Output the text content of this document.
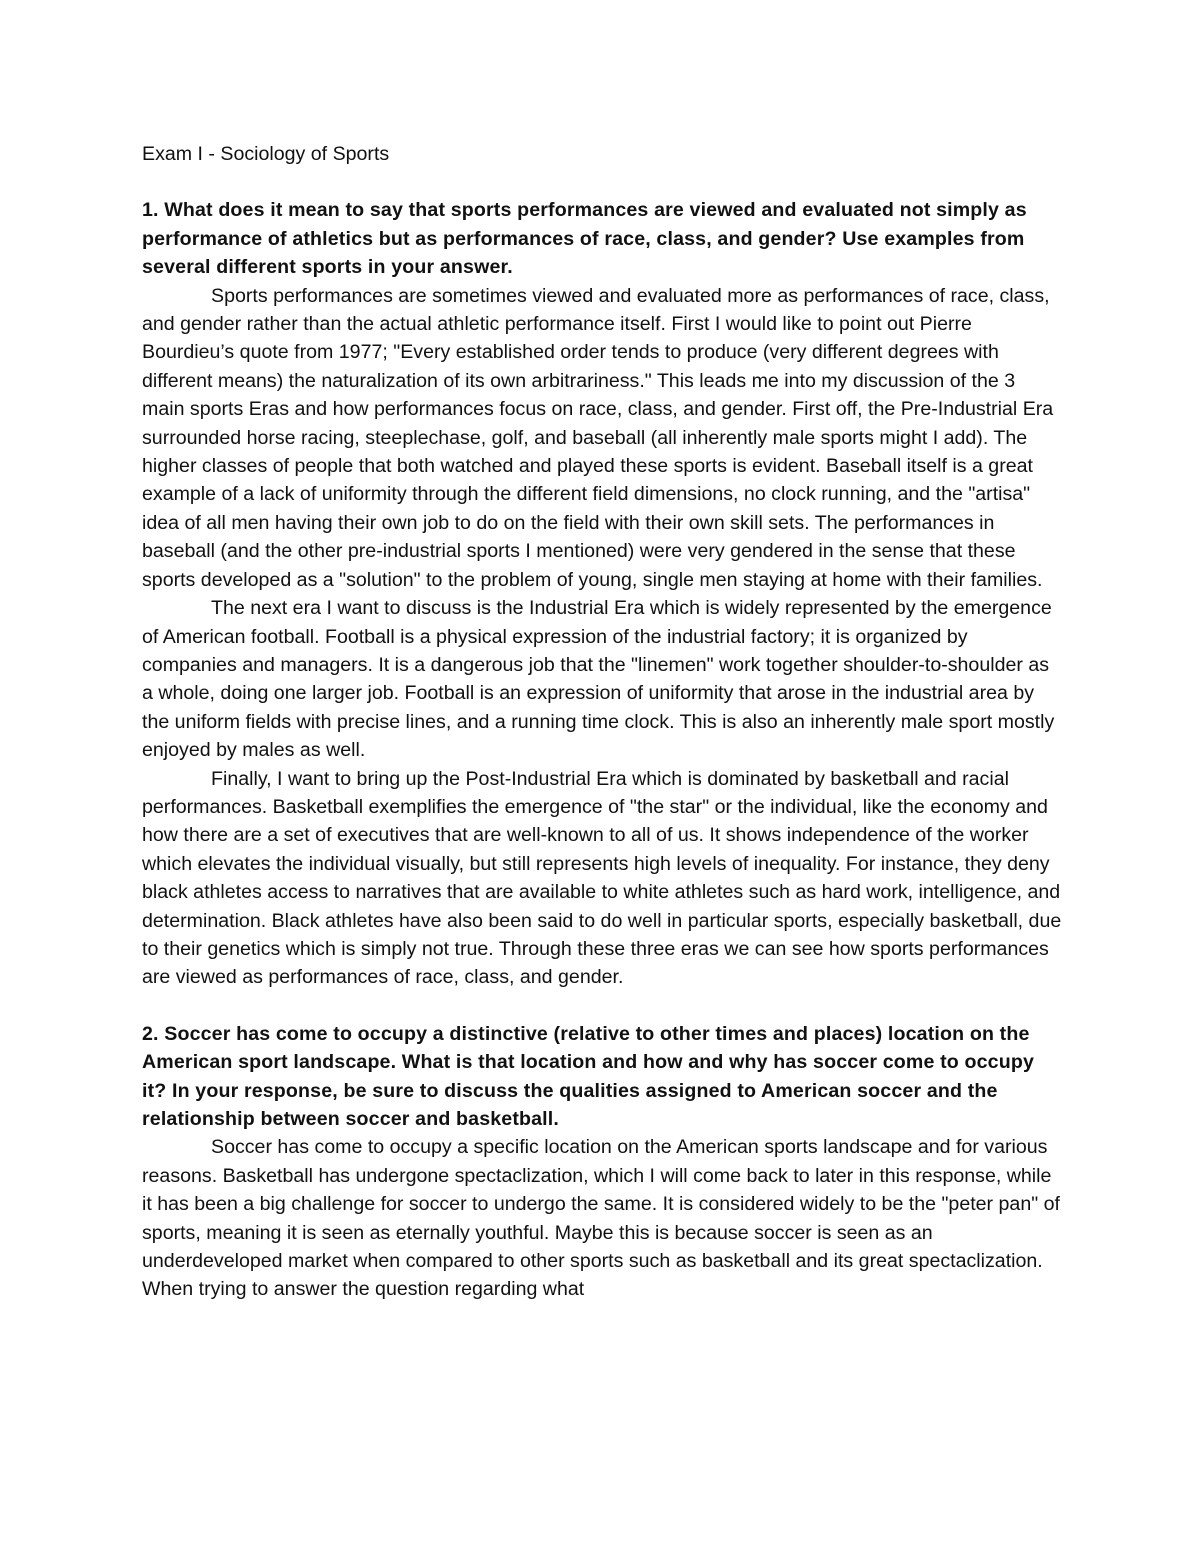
Exam I - Sociology of Sports

1. What does it mean to say that sports performances are viewed and evaluated not simply as performance of athletics but as performances of race, class, and gender? Use examples from several different sports in your answer.

Sports performances are sometimes viewed and evaluated more as performances of race, class, and gender rather than the actual athletic performance itself. First I would like to point out Pierre Bourdieu’s quote from 1977; "Every established order tends to produce (very different degrees with different means) the naturalization of its own arbitrariness." This leads me into my discussion of the 3 main sports Eras and how performances focus on race, class, and gender. First off, the Pre-Industrial Era surrounded horse racing, steeplechase, golf, and baseball (all inherently male sports might I add). The higher classes of people that both watched and played these sports is evident. Baseball itself is a great example of a lack of uniformity through the different field dimensions, no clock running, and the "artisa" idea of all men having their own job to do on the field with their own skill sets. The performances in baseball (and the other pre-industrial sports I mentioned) were very gendered in the sense that these sports developed as a "solution" to the problem of young, single men staying at home with their families.

The next era I want to discuss is the Industrial Era which is widely represented by the emergence of American football. Football is a physical expression of the industrial factory; it is organized by companies and managers. It is a dangerous job that the "linemen" work together shoulder-to-shoulder as a whole, doing one larger job. Football is an expression of uniformity that arose in the industrial area by the uniform fields with precise lines, and a running time clock. This is also an inherently male sport mostly enjoyed by males as well.

Finally, I want to bring up the Post-Industrial Era which is dominated by basketball and racial performances. Basketball exemplifies the emergence of "the star" or the individual, like the economy and how there are a set of executives that are well-known to all of us. It shows independence of the worker which elevates the individual visually, but still represents high levels of inequality. For instance, they deny black athletes access to narratives that are available to white athletes such as hard work, intelligence, and determination. Black athletes have also been said to do well in particular sports, especially basketball, due to their genetics which is simply not true. Through these three eras we can see how sports performances are viewed as performances of race, class, and gender.

2. Soccer has come to occupy a distinctive (relative to other times and places) location on the American sport landscape. What is that location and how and why has soccer come to occupy it? In your response, be sure to discuss the qualities assigned to American soccer and the relationship between soccer and basketball.

Soccer has come to occupy a specific location on the American sports landscape and for various reasons. Basketball has undergone spectaclization, which I will come back to later in this response, while it has been a big challenge for soccer to undergo the same. It is considered widely to be the "peter pan" of sports, meaning it is seen as eternally youthful. Maybe this is because soccer is seen as an underdeveloped market when compared to other sports such as basketball and its great spectaclization. When trying to answer the question regarding what
